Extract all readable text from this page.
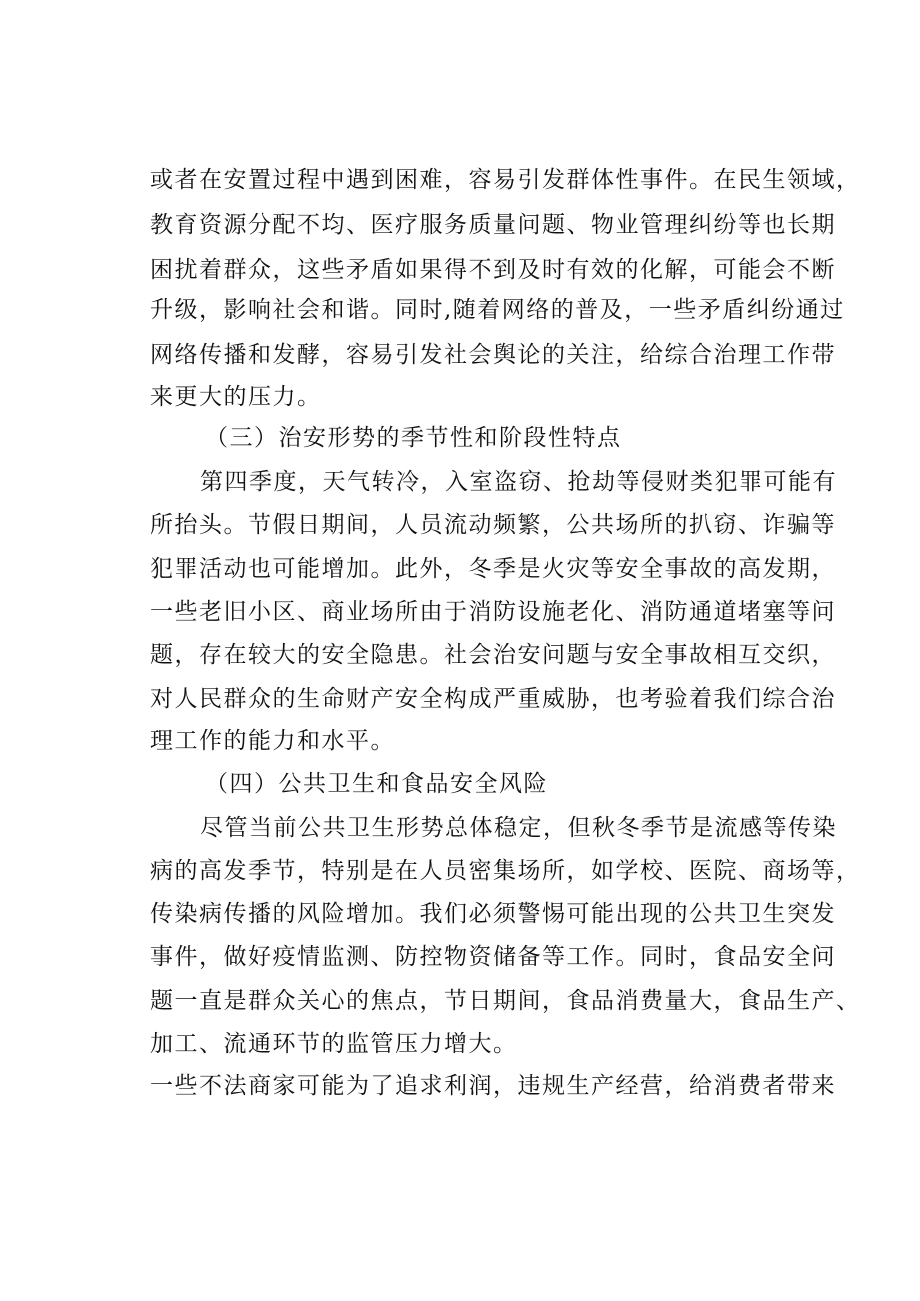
或者在安置过程中遇到困难，容易引发群体性事件。在民生领域，
教育资源分配不均、医疗服务质量问题、物业管理纠纷等也长期
困扰着群众，这些矛盾如果得不到及时有效的化解，可能会不断
升级，影响社会和谐。同时,随着网络的普及，一些矛盾纠纷通过
网络传播和发酵，容易引发社会舆论的关注，给综合治理工作带
来更大的压力。
（三）治安形势的季节性和阶段性特点
第四季度，天气转冷，入室盗窃、抢劫等侵财类犯罪可能有
所抬头。节假日期间，人员流动频繁，公共场所的扒窃、诈骗等
犯罪活动也可能增加。此外，冬季是火灾等安全事故的高发期，
一些老旧小区、商业场所由于消防设施老化、消防通道堵塞等问
题，存在较大的安全隐患。社会治安问题与安全事故相互交织，
对人民群众的生命财产安全构成严重威胁，也考验着我们综合治
理工作的能力和水平。
（四）公共卫生和食品安全风险
尽管当前公共卫生形势总体稳定，但秋冬季节是流感等传染
病的高发季节，特别是在人员密集场所，如学校、医院、商场等，
传染病传播的风险增加。我们必须警惕可能出现的公共卫生突发
事件，做好疫情监测、防控物资储备等工作。同时，食品安全问
题一直是群众关心的焦点，节日期间，食品消费量大，食品生产、
加工、流通环节的监管压力增大。
一些不法商家可能为了追求利润，违规生产经营，给消费者带来
